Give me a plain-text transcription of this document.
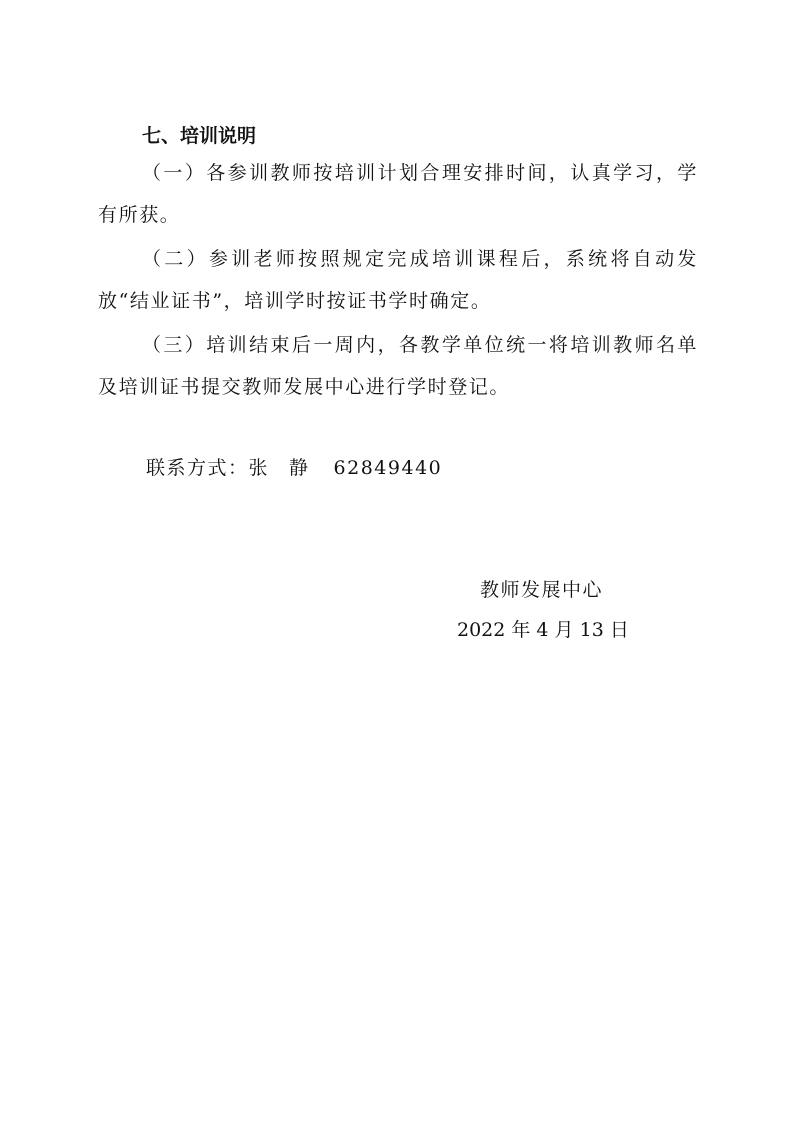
七、培训说明

（一）各参训教师按培训计划合理安排时间，认真学习，学有所获。

（二）参训老师按照规定完成培训课程后，系统将自动发放“结业证书”，培训学时按证书学时确定。

（三）培训结束后一周内，各教学单位统一将培训教师名单及培训证书提交教师发展中心进行学时登记。

联系方式：张 静 62849440
教师发展中心
2022 年 4 月 13 日
